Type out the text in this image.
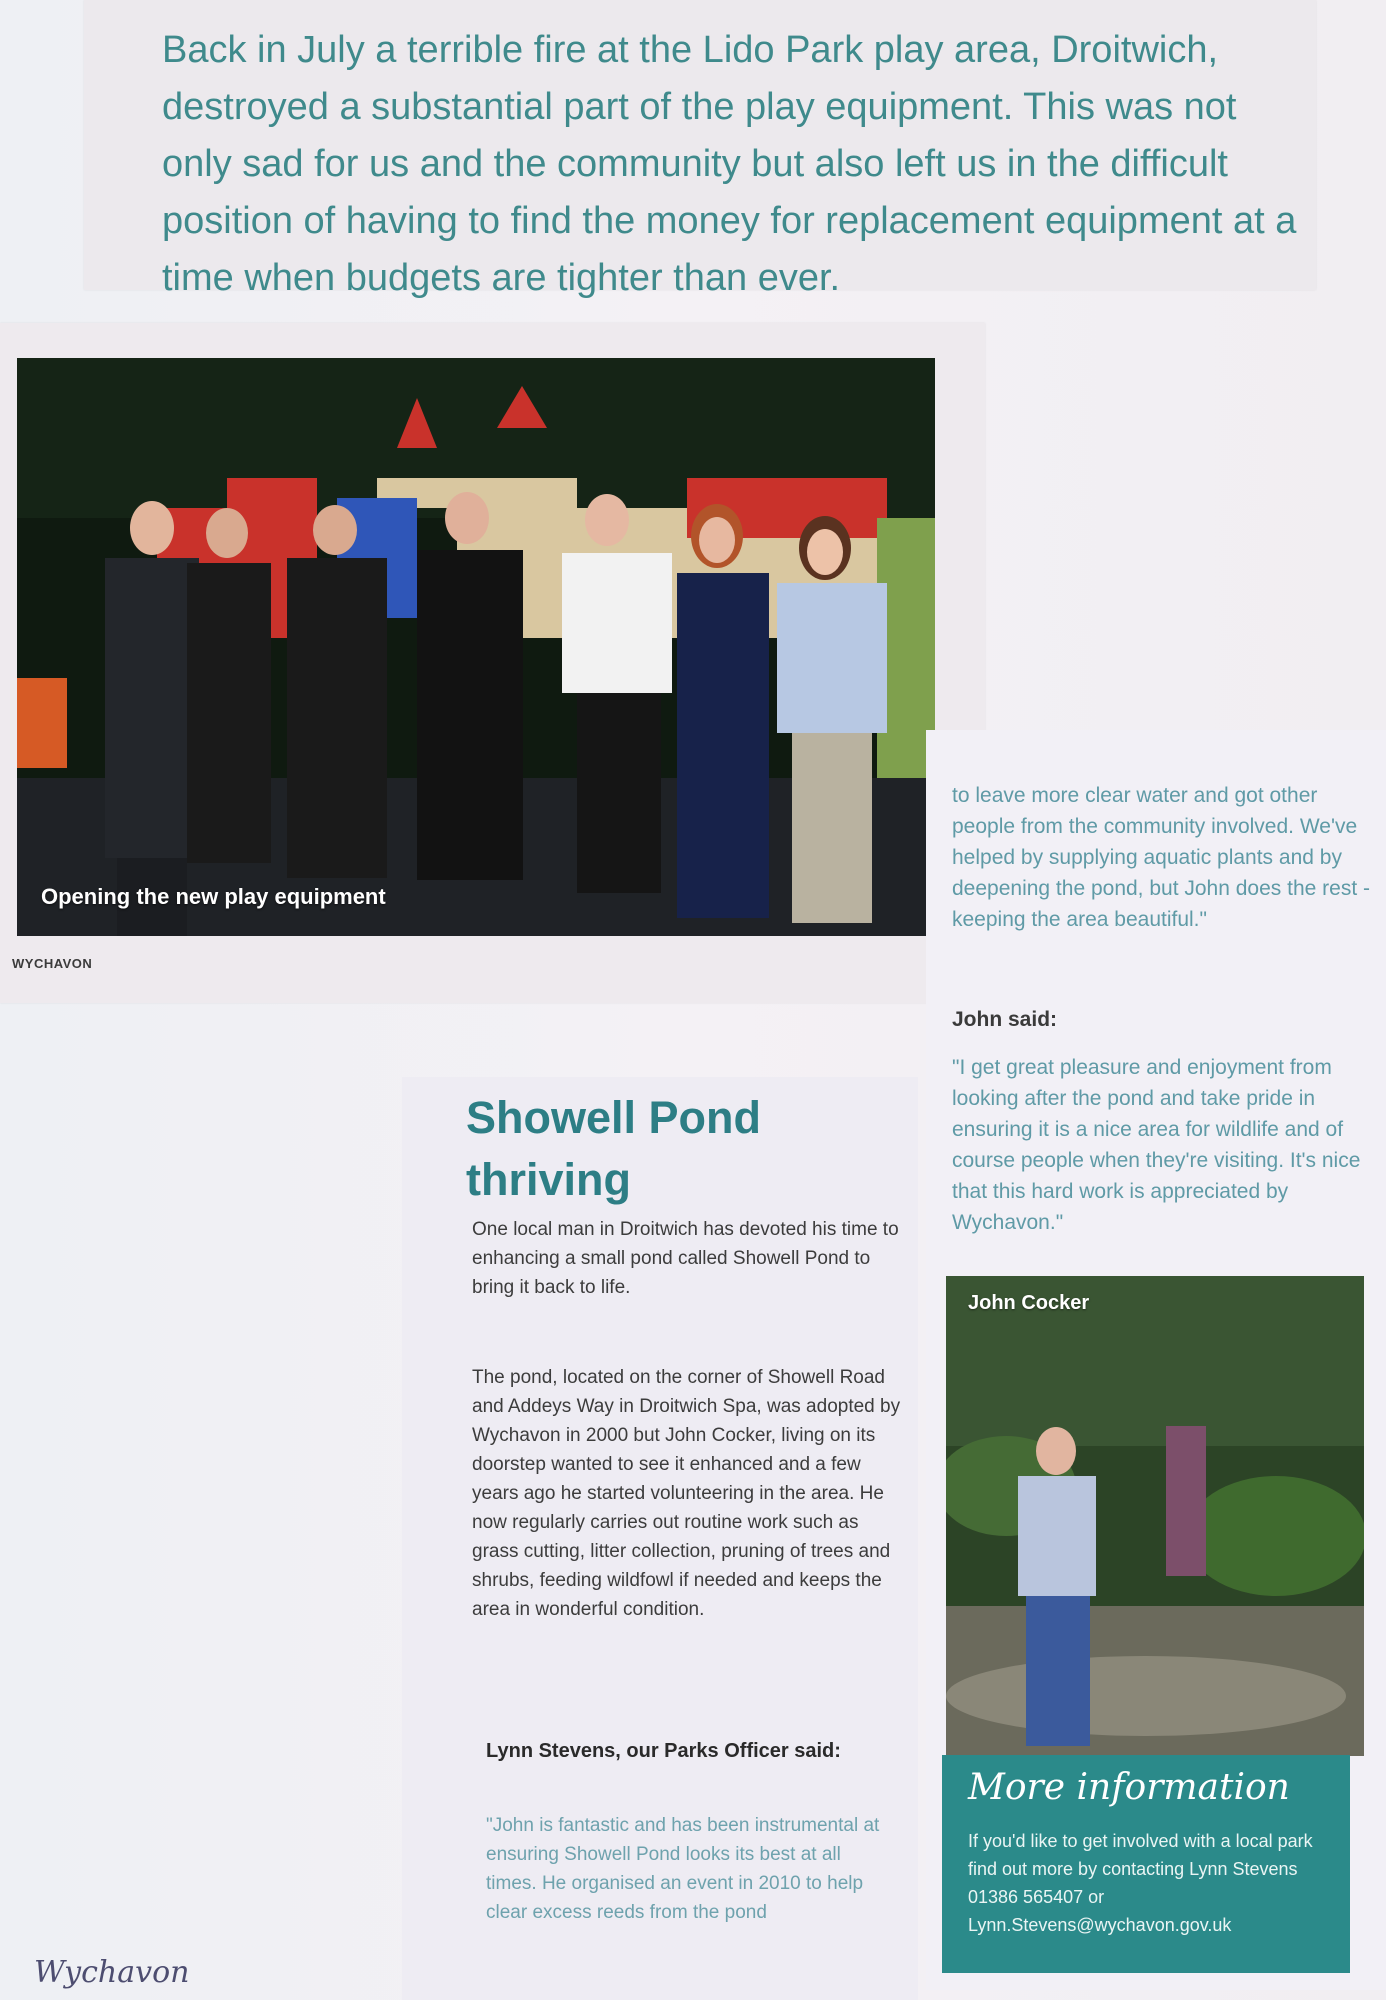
Back in July a terrible fire at the Lido Park play area, Droitwich, destroyed a substantial part of the play equipment. This was not only sad for us and the community but also left us in the difficult position of having to find the money for replacement equipment at a time when budgets are tighter than ever.

Opening the new play equipment
WYCHAVON

to leave more clear water and got other people from the community involved. We've helped by supplying aquatic plants and by deepening the pond, but John does the rest - keeping the area beautiful."

John said:

"I get great pleasure and enjoyment from looking after the pond and take pride in ensuring it is a nice area for wildlife and of course people when they're visiting. It's nice that this hard work is appreciated by Wychavon."

John Cocker
More information

If you'd like to get involved with a local park find out more by contacting Lynn Stevens 01386 565407 or Lynn.Stevens@wychavon.gov.uk

Showell Pond thriving

One local man in Droitwich has devoted his time to enhancing a small pond called Showell Pond to bring it back to life.

The pond, located on the corner of Showell Road and Addeys Way in Droitwich Spa, was adopted by Wychavon in 2000 but John Cocker, living on its doorstep wanted to see it enhanced and a few years ago he started volunteering in the area. He now regularly carries out routine work such as grass cutting, litter collection, pruning of trees and shrubs, feeding wildfowl if needed and keeps the area in wonderful condition.

Lynn Stevens, our Parks Officer said:

"John is fantastic and has been instrumental at ensuring Showell Pond looks its best at all times. He organised an event in 2010 to help clear excess reeds from the pond

Wychavon
